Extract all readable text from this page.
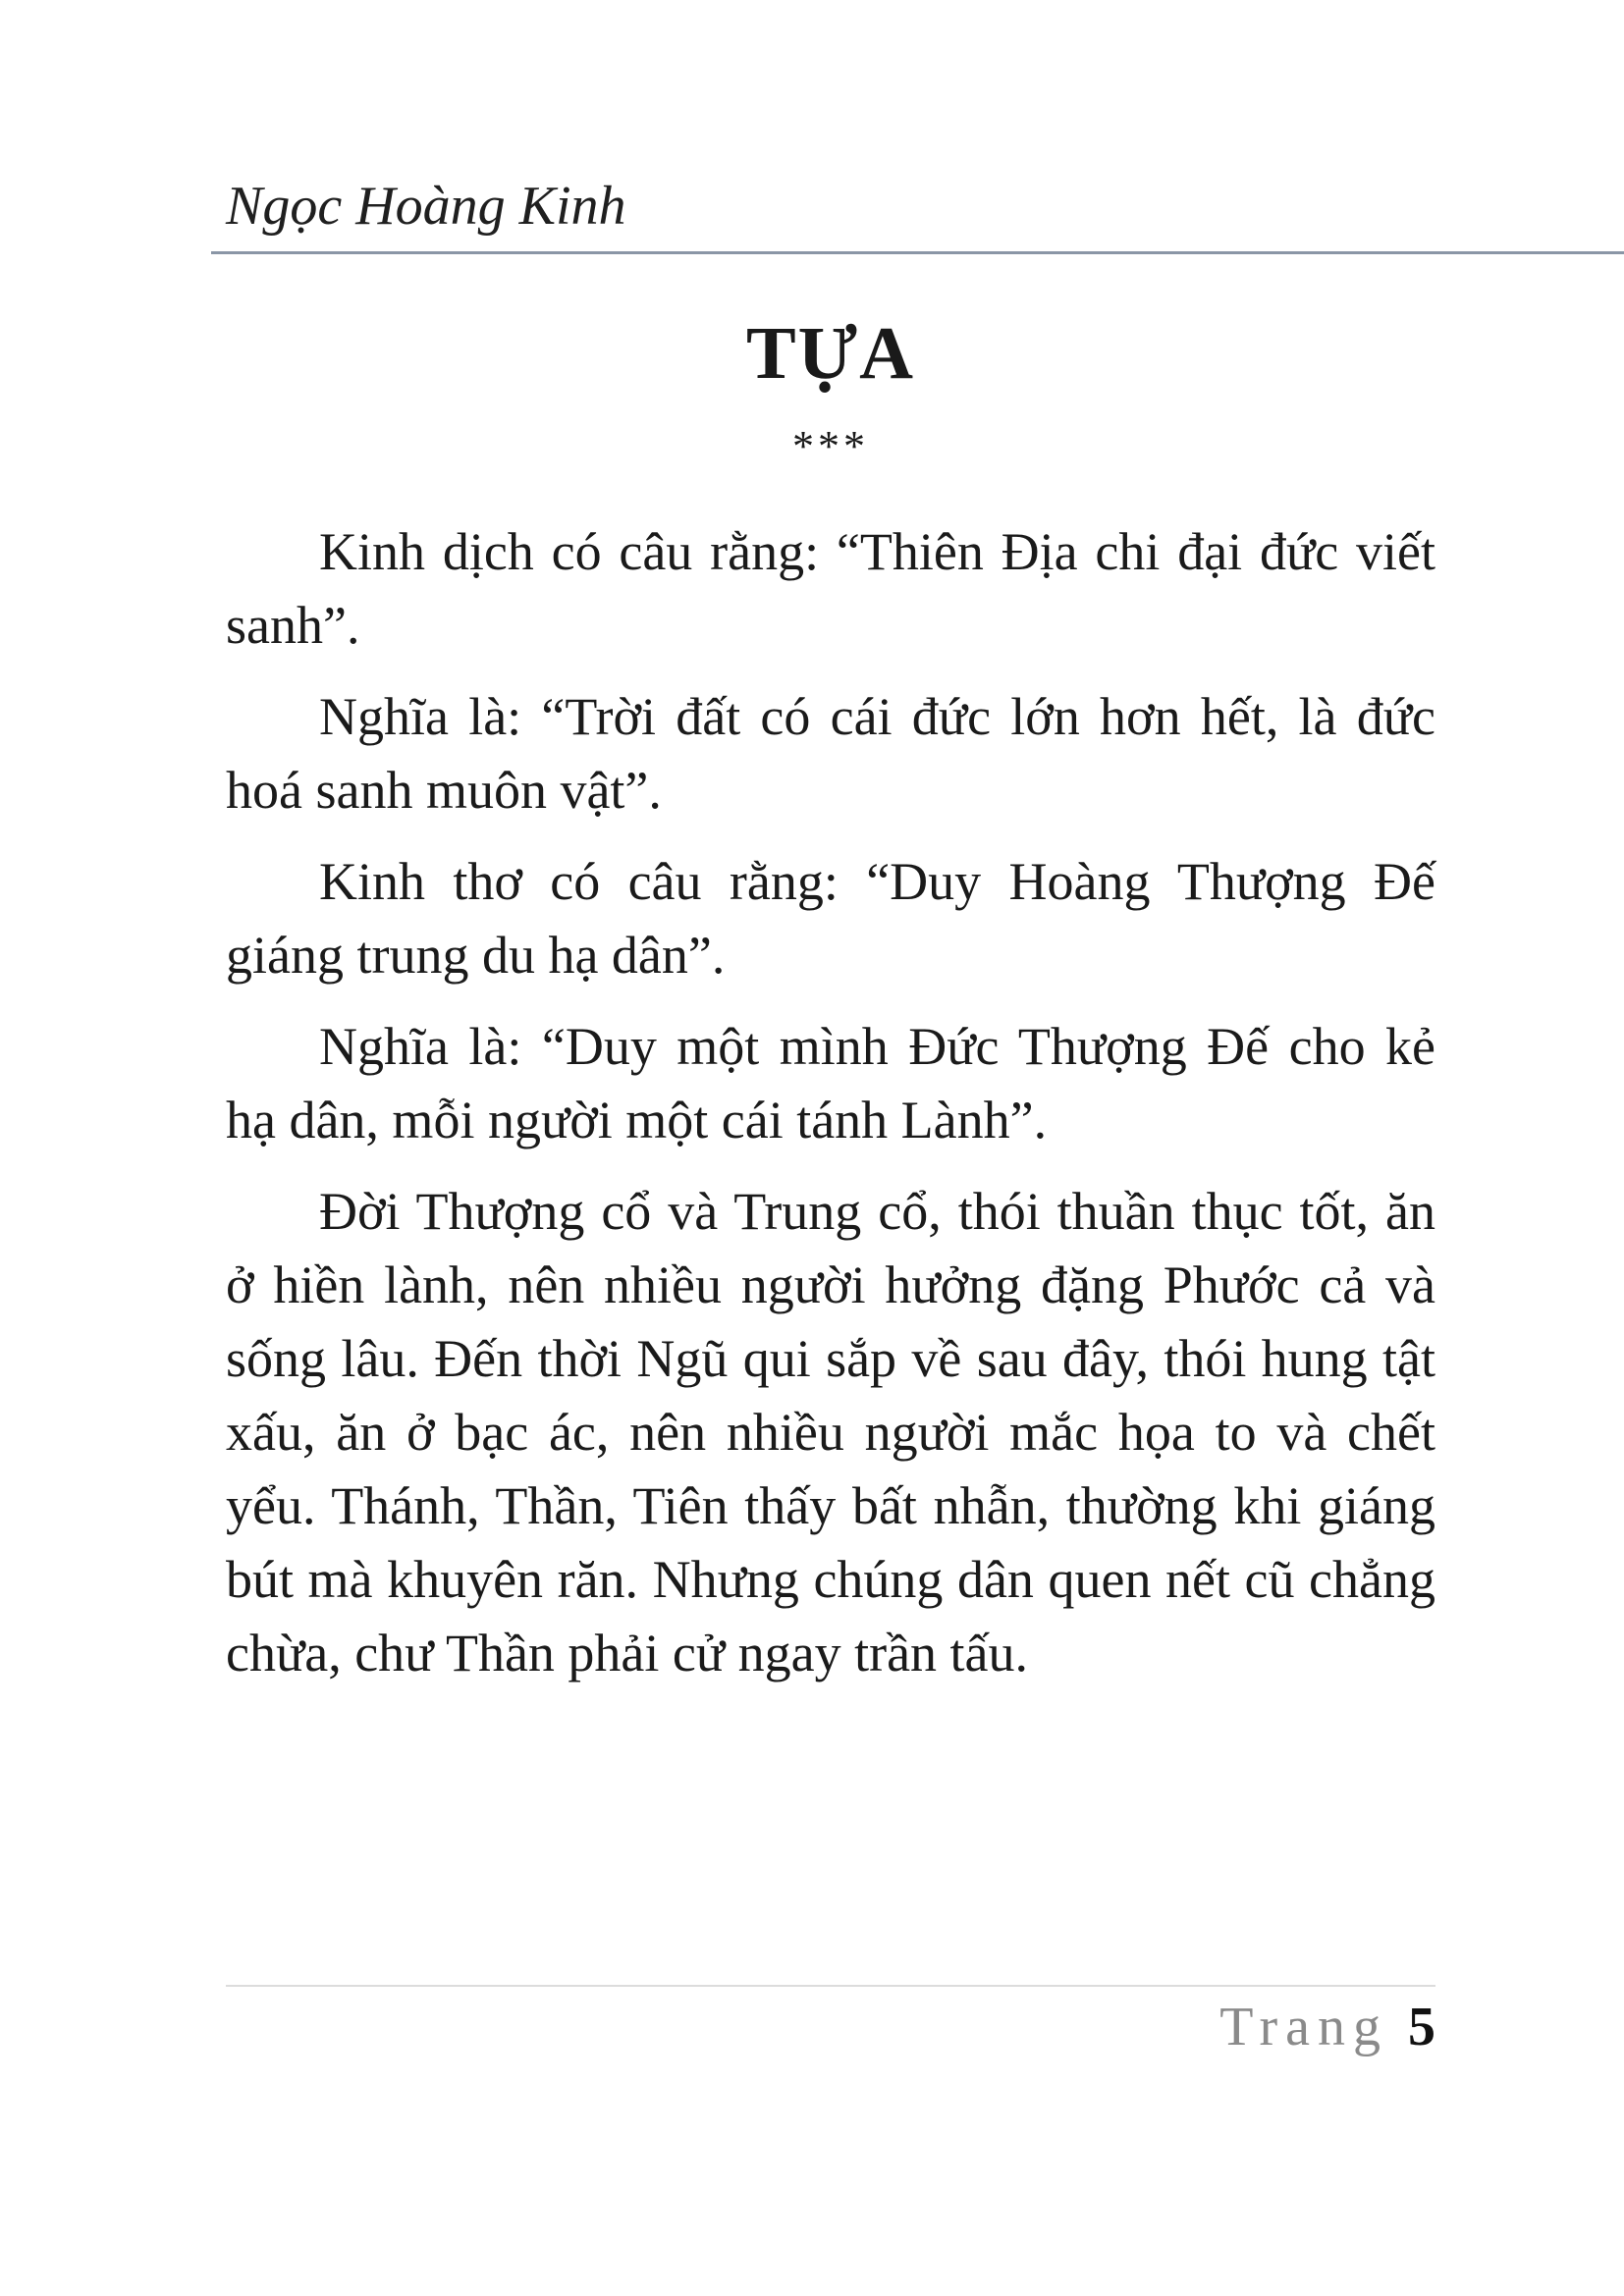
Ngọc Hoàng Kinh
TỰA
***

Kinh dịch có câu rằng: “Thiên Địa chi đại đức viết sanh”.

Nghĩa là: “Trời đất có cái đức lớn hơn hết, là đức hoá sanh muôn vật”.

Kinh thơ có câu rằng: “Duy Hoàng Thượng Đế giáng trung du hạ dân”.

Nghĩa là: “Duy một mình Đức Thượng Đế cho kẻ hạ dân, mỗi người một cái tánh Lành”.

Đời Thượng cổ và Trung cổ, thói thuần thục tốt, ăn ở hiền lành, nên nhiều người hưởng đặng Phước cả và sống lâu. Đến thời Ngũ qui sắp về sau đây, thói hung tật xấu, ăn ở bạc ác, nên nhiều người mắc họa to và chết yểu. Thánh, Thần, Tiên thấy bất nhẫn, thường khi giáng bút mà khuyên răn. Nhưng chúng dân quen nết cũ chẳng chừa, chư Thần phải cử ngay trần tấu.

Trang 5
